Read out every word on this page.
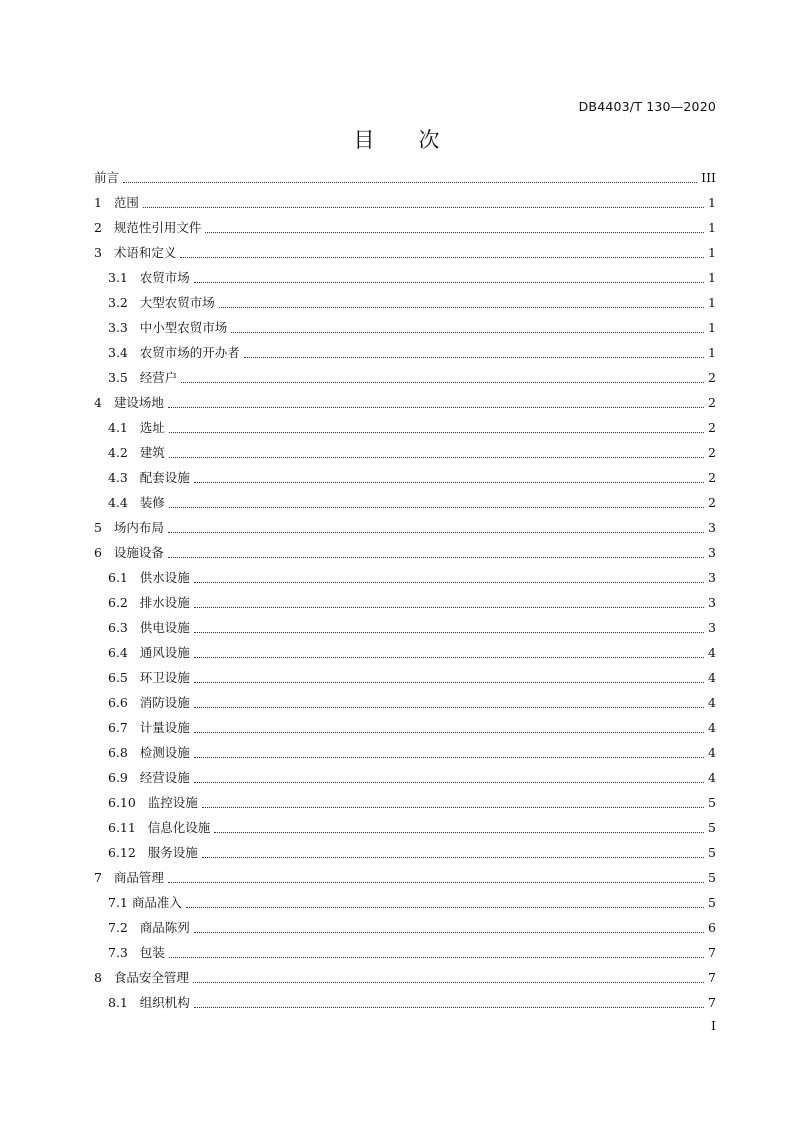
DB4403/T 130—2020
目 次
前言	III
1   范围	1
2   规范性引用文件	1
3   术语和定义	1
3.1   农贸市场	1
3.2   大型农贸市场	1
3.3   中小型农贸市场	1
3.4   农贸市场的开办者	1
3.5   经营户	2
4   建设场地	2
4.1   选址	2
4.2   建筑	2
4.3   配套设施	2
4.4   装修	2
5   场内布局	3
6   设施设备	3
6.1   供水设施	3
6.2   排水设施	3
6.3   供电设施	3
6.4   通风设施	4
6.5   环卫设施	4
6.6   消防设施	4
6.7   计量设施	4
6.8   检测设施	4
6.9   经营设施	4
6.10   监控设施	5
6.11   信息化设施	5
6.12   服务设施	5
7   商品管理	5
7.1 商品准入	5
7.2   商品陈列	6
7.3   包装	7
8   食品安全管理	7
8.1   组织机构	7
I
